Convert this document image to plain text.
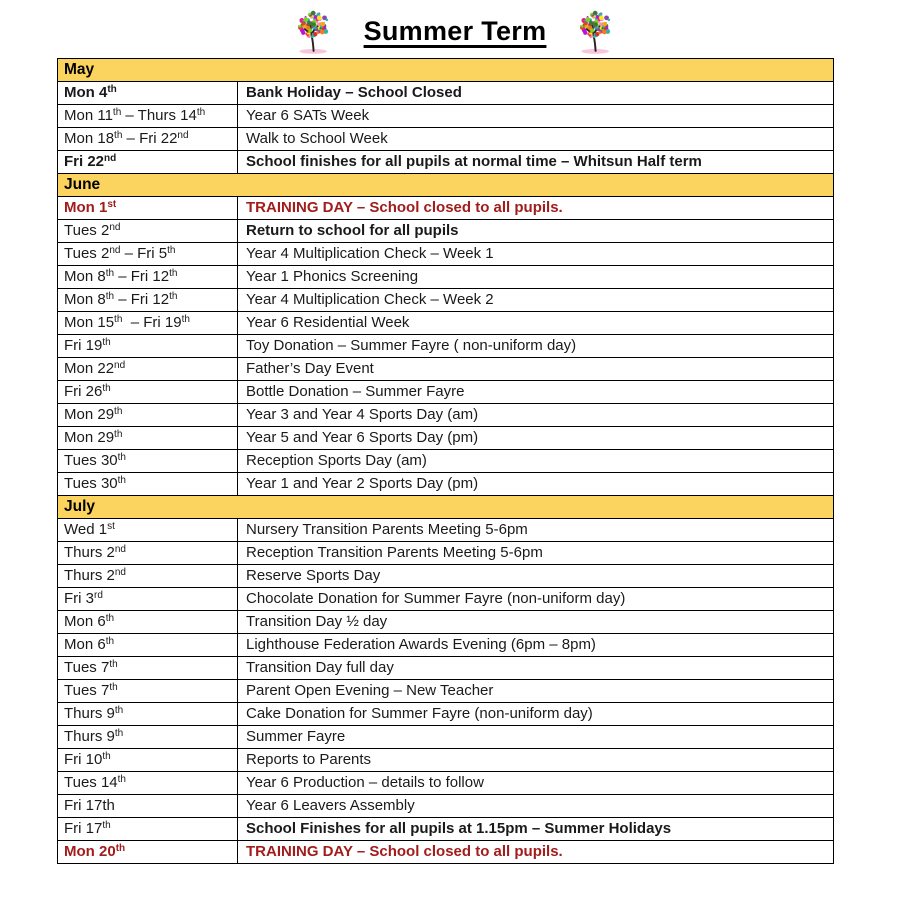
Summer Term
May	
Mon 4th	Bank Holiday – School Closed
Mon 11th – Thurs 14th	Year 6 SATs Week
Mon 18th – Fri 22nd	Walk to School Week
Fri 22nd	School finishes for all pupils at normal time – Whitsun Half term
June	
Mon 1st	TRAINING DAY – School closed to all pupils.
Tues 2nd	Return to school for all pupils
Tues 2nd – Fri 5th	Year 4 Multiplication Check – Week 1
Mon 8th – Fri 12th	Year 1 Phonics Screening
Mon 8th – Fri 12th	Year 4 Multiplication Check – Week 2
Mon 15th  – Fri 19th	Year 6 Residential Week
Fri 19th	Toy Donation – Summer Fayre ( non-uniform day)
Mon 22nd	Father’s Day Event
Fri 26th	Bottle Donation – Summer Fayre
Mon 29th	Year 3 and Year 4 Sports Day (am)
Mon 29th	Year 5 and Year 6 Sports Day (pm)
Tues 30th	Reception Sports Day (am)
Tues 30th	Year 1 and Year 2 Sports Day (pm)
July	
Wed 1st	Nursery Transition Parents Meeting 5-6pm
Thurs 2nd	Reception Transition Parents Meeting 5-6pm
Thurs 2nd	Reserve Sports Day
Fri 3rd	Chocolate Donation for Summer Fayre (non-uniform day)
Mon 6th	Transition Day ½ day
Mon 6th	Lighthouse Federation Awards Evening (6pm – 8pm)
Tues 7th	Transition Day full day
Tues 7th	Parent Open Evening – New Teacher
Thurs 9th	Cake Donation for Summer Fayre (non-uniform day)
Thurs 9th	Summer Fayre
Fri 10th	Reports to Parents
Tues 14th	Year 6 Production – details to follow
Fri 17th	Year 6 Leavers Assembly
Fri 17th	School Finishes for all pupils at 1.15pm – Summer Holidays
Mon 20th	TRAINING DAY – School closed to all pupils.
